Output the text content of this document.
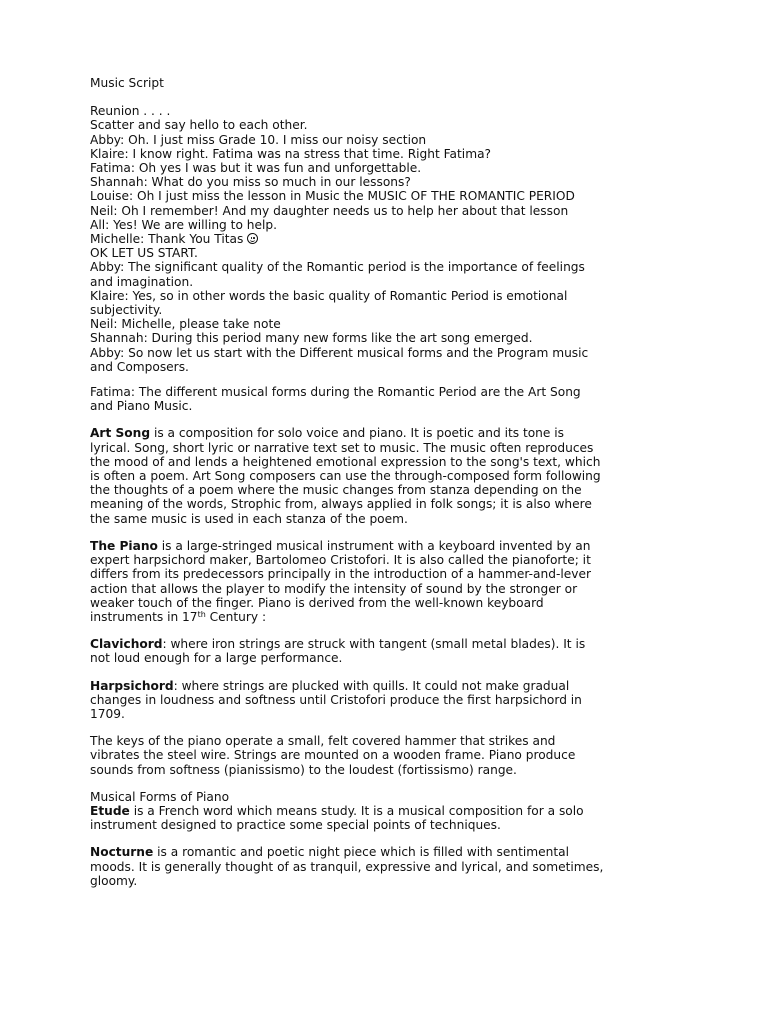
Music Script
Reunion . . . .
Scatter and say hello to each other.
Abby: Oh. I just miss Grade 10. I miss our noisy section
Klaire: I know right. Fatima was na stress that time. Right Fatima?
Fatima: Oh yes I was but it was fun and unforgettable.
Shannah: What do you miss so much in our lessons?
Louise: Oh I just miss the lesson in Music the MUSIC OF THE ROMANTIC PERIOD
Neil: Oh I remember! And my daughter needs us to help her about that lesson
All: Yes! We are willing to help.
Michelle: Thank You Titas
OK LET US START.
Abby: The significant quality of the Romantic period is the importance of feelings
and imagination.
Klaire: Yes, so in other words the basic quality of Romantic Period is emotional
subjectivity.
Neil: Michelle, please take note
Shannah: During this period many new forms like the art song emerged.
Abby: So now let us start with the Different musical forms and the Program music
and Composers.
Fatima: The different musical forms during the Romantic Period are the Art Song
and Piano Music.
Art Song is a composition for solo voice and piano. It is poetic and its tone is
lyrical. Song, short lyric or narrative text set to music. The music often reproduces
the mood of and lends a heightened emotional expression to the song's text, which
is often a poem. Art Song composers can use the through-composed form following
the thoughts of a poem where the music changes from stanza depending on the
meaning of the words, Strophic from, always applied in folk songs; it is also where
the same music is used in each stanza of the poem.
The Piano is a large-stringed musical instrument with a keyboard invented by an
expert harpsichord maker, Bartolomeo Cristofori. It is also called the pianoforte; it
differs from its predecessors principally in the introduction of a hammer-and-lever
action that allows the player to modify the intensity of sound by the stronger or
weaker touch of the finger. Piano is derived from the well-known keyboard
instruments in 17th Century :
Clavichord: where iron strings are struck with tangent (small metal blades). It is
not loud enough for a large performance.
Harpsichord: where strings are plucked with quills. It could not make gradual
changes in loudness and softness until Cristofori produce the first harpsichord in
1709.
The keys of the piano operate a small, felt covered hammer that strikes and
vibrates the steel wire. Strings are mounted on a wooden frame. Piano produce
sounds from softness (pianissismo) to the loudest (fortissismo) range.
Musical Forms of Piano
Etude is a French word which means study. It is a musical composition for a solo
instrument designed to practice some special points of techniques.
Nocturne is a romantic and poetic night piece which is filled with sentimental
moods. It is generally thought of as tranquil, expressive and lyrical, and sometimes,
gloomy.
